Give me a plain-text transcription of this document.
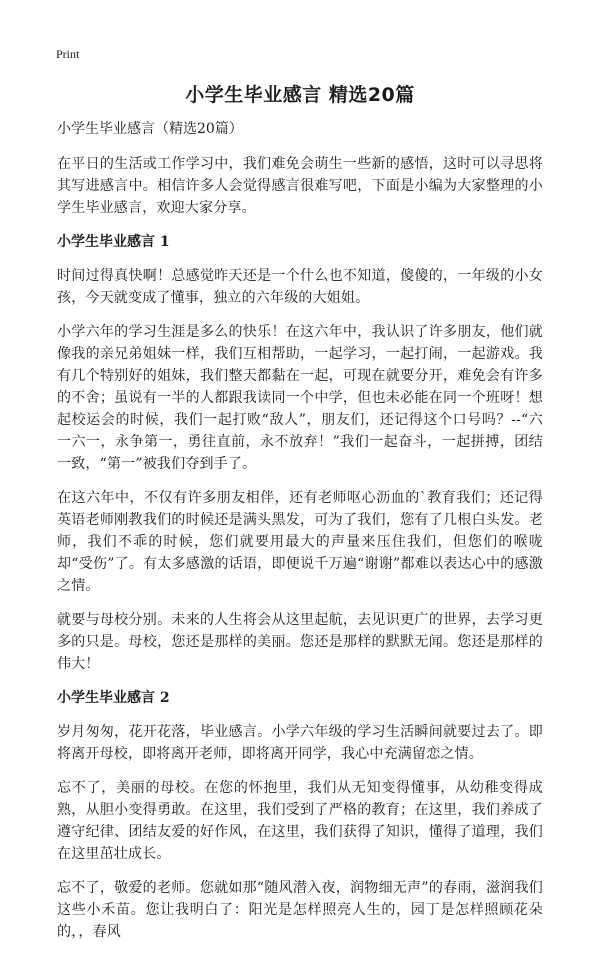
Print
小学生毕业感言 精选20篇
小学生毕业感言（精选20篇）

在平日的生活或工作学习中，我们难免会萌生一些新的感悟，这时可以寻思将其写进感言中。相信许多人会觉得感言很难写吧，下面是小编为大家整理的小学生毕业感言，欢迎大家分享。

小学生毕业感言 1

时间过得真快啊！总感觉昨天还是一个什么也不知道，傻傻的，一年级的小女孩，今天就变成了懂事，独立的六年级的大姐姐。

小学六年的学习生涯是多么的快乐！在这六年中，我认识了许多朋友，他们就像我的亲兄弟姐妹一样，我们互相帮助，一起学习，一起打闹，一起游戏。我有几个特别好的姐妹，我们整天都黏在一起，可现在就要分开，难免会有许多的不舍；虽说有一半的人都跟我读同一个中学，但也未必能在同一个班呀！想起校运会的时候，我们一起打败“敌人”，朋友们，还记得这个口号吗？--“六一六一，永争第一，勇往直前，永不放弃！”我们一起奋斗，一起拼搏，团结一致，“第一”被我们夺到手了。

在这六年中，不仅有许多朋友相伴，还有老师呕心沥血的`教育我们；还记得英语老师刚教我们的时候还是满头黑发，可为了我们，您有了几根白头发。老师，我们不乖的时候，您们就要用最大的声量来压住我们，但您们的喉咙却“受伤”了。有太多感激的话语，即便说千万遍“谢谢”都难以表达心中的感激之情。

就要与母校分别。未来的人生将会从这里起航，去见识更广的世界，去学习更多的只是。母校，您还是那样的美丽。您还是那样的默默无闻。您还是那样的伟大！

小学生毕业感言 2

岁月匆匆，花开花落，毕业感言。小学六年级的学习生活瞬间就要过去了。即将离开母校，即将离开老师，即将离开同学，我心中充满留恋之情。

忘不了，美丽的母校。在您的怀抱里，我们从无知变得懂事，从幼稚变得成熟，从胆小变得勇敢。在这里，我们受到了严格的教育；在这里，我们养成了遵守纪律、团结友爱的好作风，在这里，我们获得了知识，懂得了道理，我们在这里茁壮成长。

忘不了，敬爱的老师。您就如那“随风潜入夜，润物细无声”的春雨，滋润我们这些小禾苗。您让我明白了：阳光是怎样照亮人生的，园丁是怎样照顾花朵的，，春风
